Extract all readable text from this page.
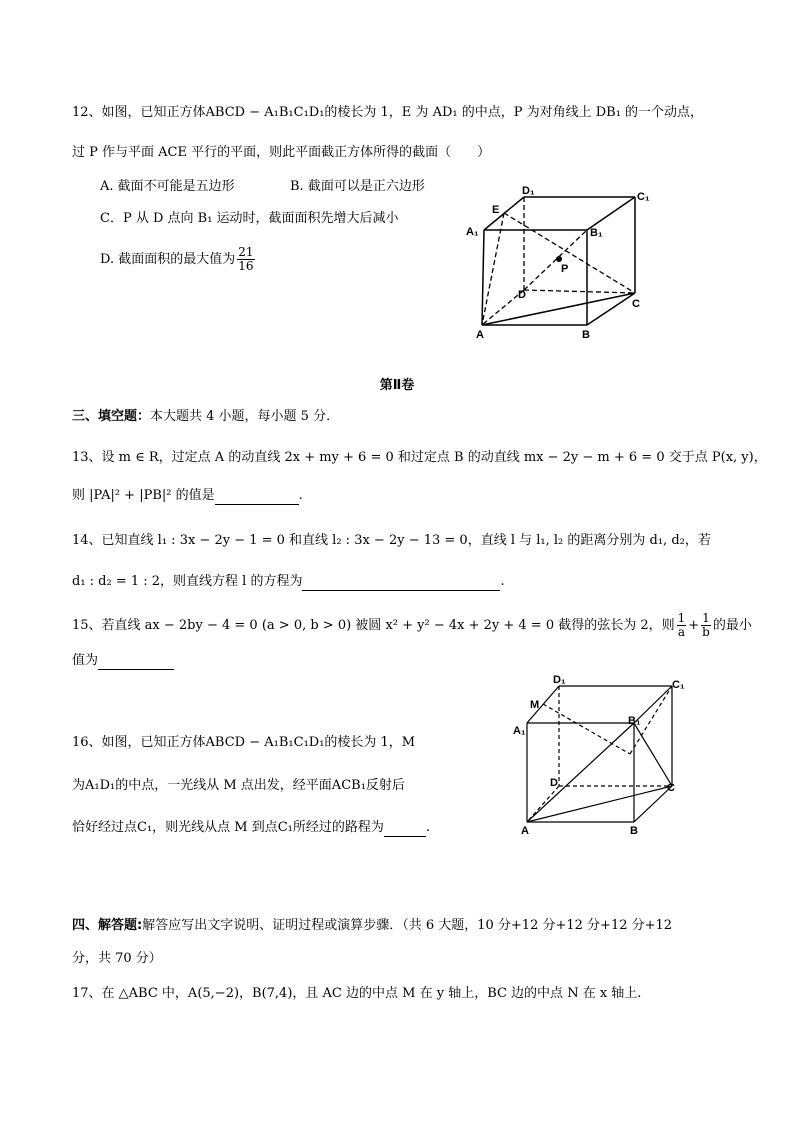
12、如图，已知正方体ABCD − A₁B₁C₁D₁的棱长为 1，E 为 AD₁ 的中点，P 为对角线上 DB₁ 的一个动点，
过 P 作与平面 ACE 平行的平面，则此平面截正方体所得的截面（　　）
A. 截面不可能是五边形	B. 截面可以是正六边形
C．P 从 D 点向 B₁ 运动时，截面面积先增大后减小
D. 截面面积的最大值为 $\frac{21}{16}$
D₁	C₁
E
A₁	B₁
P
D
C
A	B
第Ⅱ卷
三、填空题：本大题共 4 小题，每小题 5 分．
13、设 m ∈ R，过定点 A 的动直线 2x + my + 6 = 0 和过定点 B 的动直线 mx − 2y − m + 6 = 0 交于点 P(x, y)，
则 |PA|² + |PB|² 的值是	.
14、已知直线 l₁ : 3x − 2y − 1 = 0 和直线 l₂ : 3x − 2y − 13 = 0，直线 l 与 l₁, l₂ 的距离分别为 d₁, d₂，若
d₁ : d₂ = 1 : 2，则直线方程 l 的方程为	.
15、若直线 ax − 2by − 4 = 0 (a > 0, b > 0) 被圆 x² + y² − 4x + 2y + 4 = 0 截得的弦长为 2，则 $\frac{1}{a} + \frac{1}{b}$ 的最小
值为
16、如图，已知正方体ABCD − A₁B₁C₁D₁的棱长为 1，M
为A₁D₁的中点，一光线从 M 点出发，经平面ACB₁反射后
恰好经过点C₁，则光线从点 M 到点C₁所经过的路程为	.
D₁	C₁
M
B₁
A₁
D	C
A	B
四、解答题:解答应写出文字说明、证明过程或演算步骤．（共 6 大题，10 分+12 分+12 分+12 分+12
分，共 70 分）
17、在 △ABC 中，A(5,−2)，B(7,4)，且 AC 边的中点 M 在 y 轴上，BC 边的中点 N 在 x 轴上.
